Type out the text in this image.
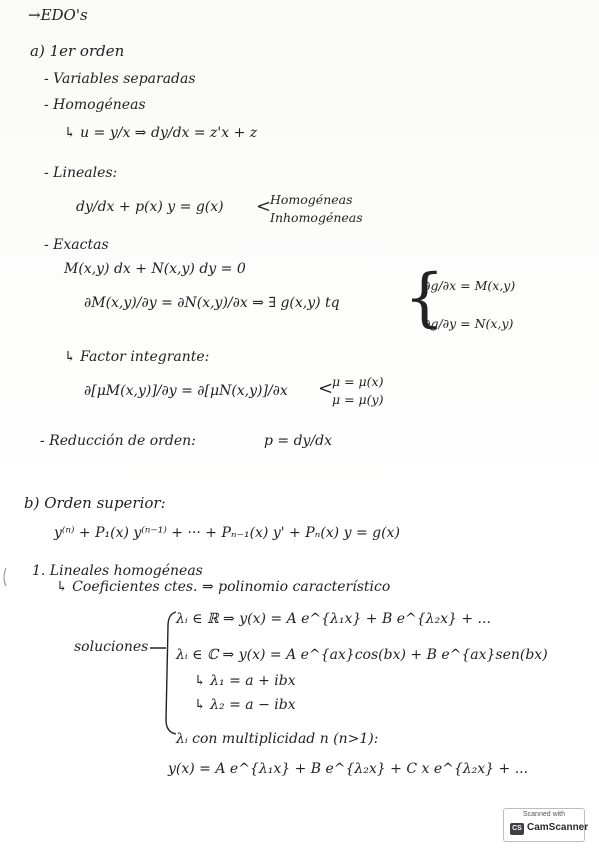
→EDO's
a) 1er orden
- Variables separadas
- Homogéneas
↳ u = y/x ⇒ dy/dx = z'x + z
- Lineales:
dy/dx + p(x) y = g(x) <
Homogéneas
Inhomogéneas
- Exactas
M(x,y) dx + N(x,y) dy = 0
∂M(x,y)/∂y = ∂N(x,y)/∂x ⇒ ∃ g(x,y) tq {
∂g/∂x = M(x,y)
∂g/∂y = N(x,y)
↳ Factor integrante:
∂[μM(x,y)]/∂y = ∂[μN(x,y)]/∂x <
μ = μ(x)
μ = μ(y)
- Reducción de orden:	p = dy/dx
b) Orden superior:
y⁽ⁿ⁾ + P₁(x) y⁽ⁿ⁻¹⁾ + ··· + Pₙ₋₁(x) y' + Pₙ(x) y = g(x)
1. Lineales homogéneas
↳ Coeficientes ctes. ⇒ polinomio característico
soluciones
λᵢ ∈ ℝ ⇒ y(x) = A e^{λ₁x} + B e^{λ₂x} + ...
λᵢ ∈ ℂ ⇒ y(x) = A e^{ax}cos(bx) + B e^{ax}sen(bx)
↳ λ₁ = a + ibx
↳ λ₂ = a − ibx
λᵢ con multiplicidad n (n>1):
y(x) = A e^{λ₁x} + B e^{λ₂x} + C x e^{λ₂x} + ...
Scanned with
CS CamScanner
